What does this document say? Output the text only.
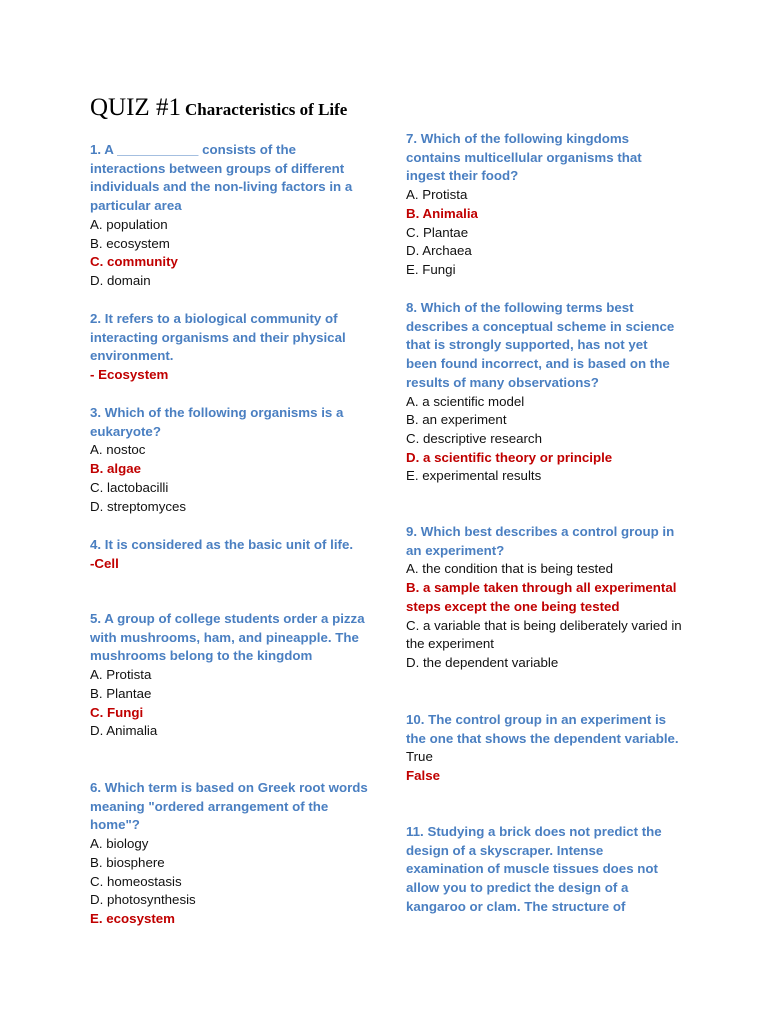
QUIZ #1 Characteristics of Life
1. A ___________ consists of the interactions between groups of different individuals and the non-living factors in a particular area
A. population
B. ecosystem
C. community
D. domain
2. It refers to a biological community of interacting organisms and their physical environment.
- Ecosystem
3. Which of the following organisms is a eukaryote?
A. nostoc
B. algae
C. lactobacilli
D. streptomyces
4. It is considered as the basic unit of life.
-Cell
5. A group of college students order a pizza with mushrooms, ham, and pineapple. The mushrooms belong to the kingdom
A. Protista
B. Plantae
C. Fungi
D. Animalia
6. Which term is based on Greek root words meaning "ordered arrangement of the home"?
A. biology
B. biosphere
C. homeostasis
D. photosynthesis
E. ecosystem
7. Which of the following kingdoms contains multicellular organisms that ingest their food?
A. Protista
B. Animalia
C. Plantae
D. Archaea
E. Fungi
8. Which of the following terms best describes a conceptual scheme in science that is strongly supported, has not yet been found incorrect, and is based on the results of many observations?
A. a scientific model
B. an experiment
C. descriptive research
D. a scientific theory or principle
E. experimental results
9. Which best describes a control group in an experiment?
A. the condition that is being tested
B. a sample taken through all experimental steps except the one being tested
C. a variable that is being deliberately varied in the experiment
D. the dependent variable
10. The control group in an experiment is the one that shows the dependent variable.
True
False
11. Studying a brick does not predict the design of a skyscraper. Intense examination of muscle tissues does not allow you to predict the design of a kangaroo or clam. The structure of
